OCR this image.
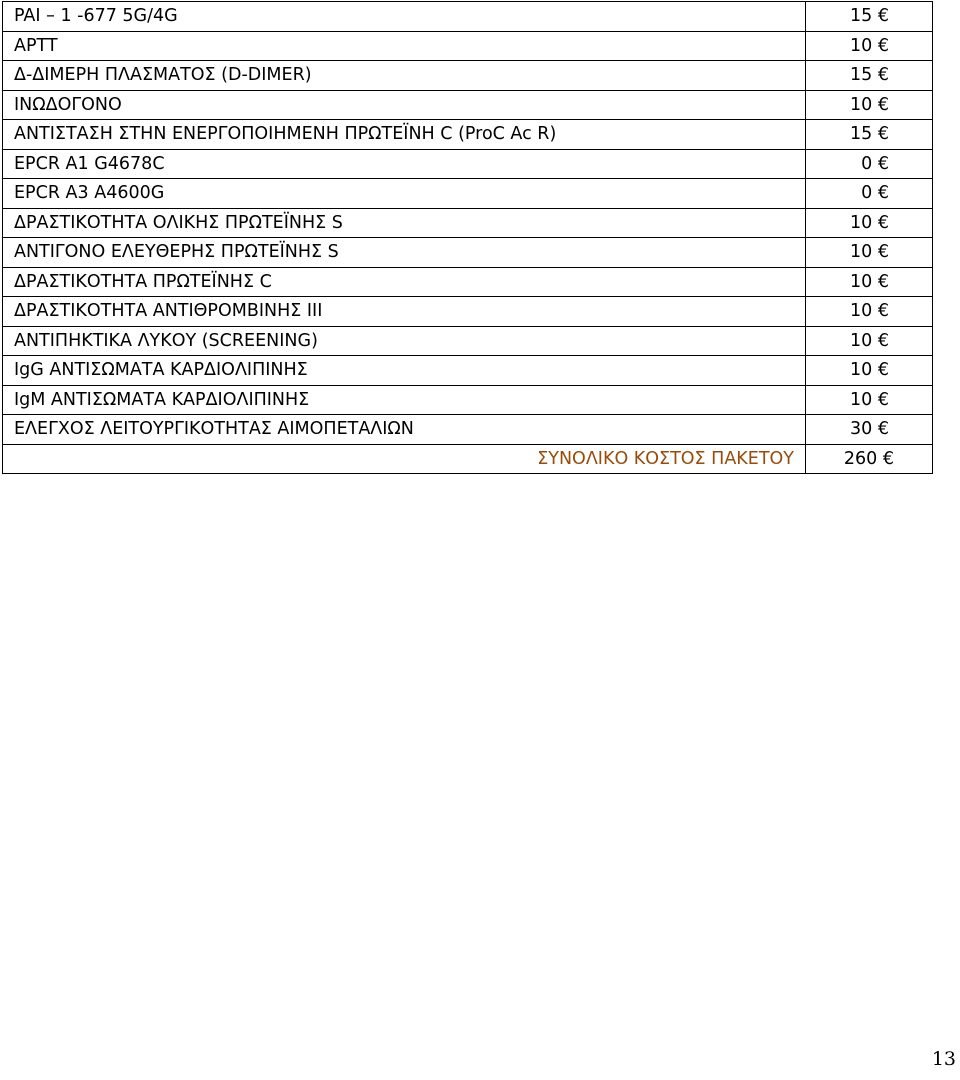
PAI – 1 -677 5G/4G	15 €
APTT	10 €
Δ-ΔΙΜΕΡΗ ΠΛΑΣΜΑΤΟΣ (D-DIMER)	15 €
ΙΝΩΔΟΓΟΝΟ	10 €
ΑΝΤΙΣΤΑΣΗ ΣΤΗΝ ΕΝΕΡΓΟΠΟΙΗΜΕΝΗ ΠΡΩΤΕΪΝΗ C (ProC Ac R)	15 €
EPCR A1 G4678C	0 €
EPCR A3 A4600G	0 €
ΔΡΑΣΤΙΚΟΤΗΤΑ ΟΛΙΚΗΣ ΠΡΩΤΕΪΝΗΣ S	10 €
ΑΝΤΙΓΟΝΟ ΕΛΕΥΘΕΡΗΣ ΠΡΩΤΕΪΝΗΣ S	10 €
ΔΡΑΣΤΙΚΟΤΗΤΑ ΠΡΩΤΕΪΝΗΣ C	10 €
ΔΡΑΣΤΙΚΟΤΗΤΑ ΑΝΤΙΘΡΟΜΒΙΝΗΣ ΙΙΙ	10 €
ΑΝΤΙΠΗΚΤΙΚΑ ΛΥΚΟΥ (SCREENING)	10 €
IgG ΑΝΤΙΣΩΜΑΤΑ ΚΑΡΔΙΟΛΙΠΙΝΗΣ	10 €
IgM ΑΝΤΙΣΩΜΑΤΑ ΚΑΡΔΙΟΛΙΠΙΝΗΣ	10 €
ΕΛΕΓΧΟΣ ΛΕΙΤΟΥΡΓΙΚΟΤΗΤΑΣ ΑΙΜΟΠΕΤΑΛΙΩΝ	30 €
ΣΥΝΟΛΙΚΟ ΚΟΣΤΟΣ ΠΑΚΕΤΟΥ	260 €
13
